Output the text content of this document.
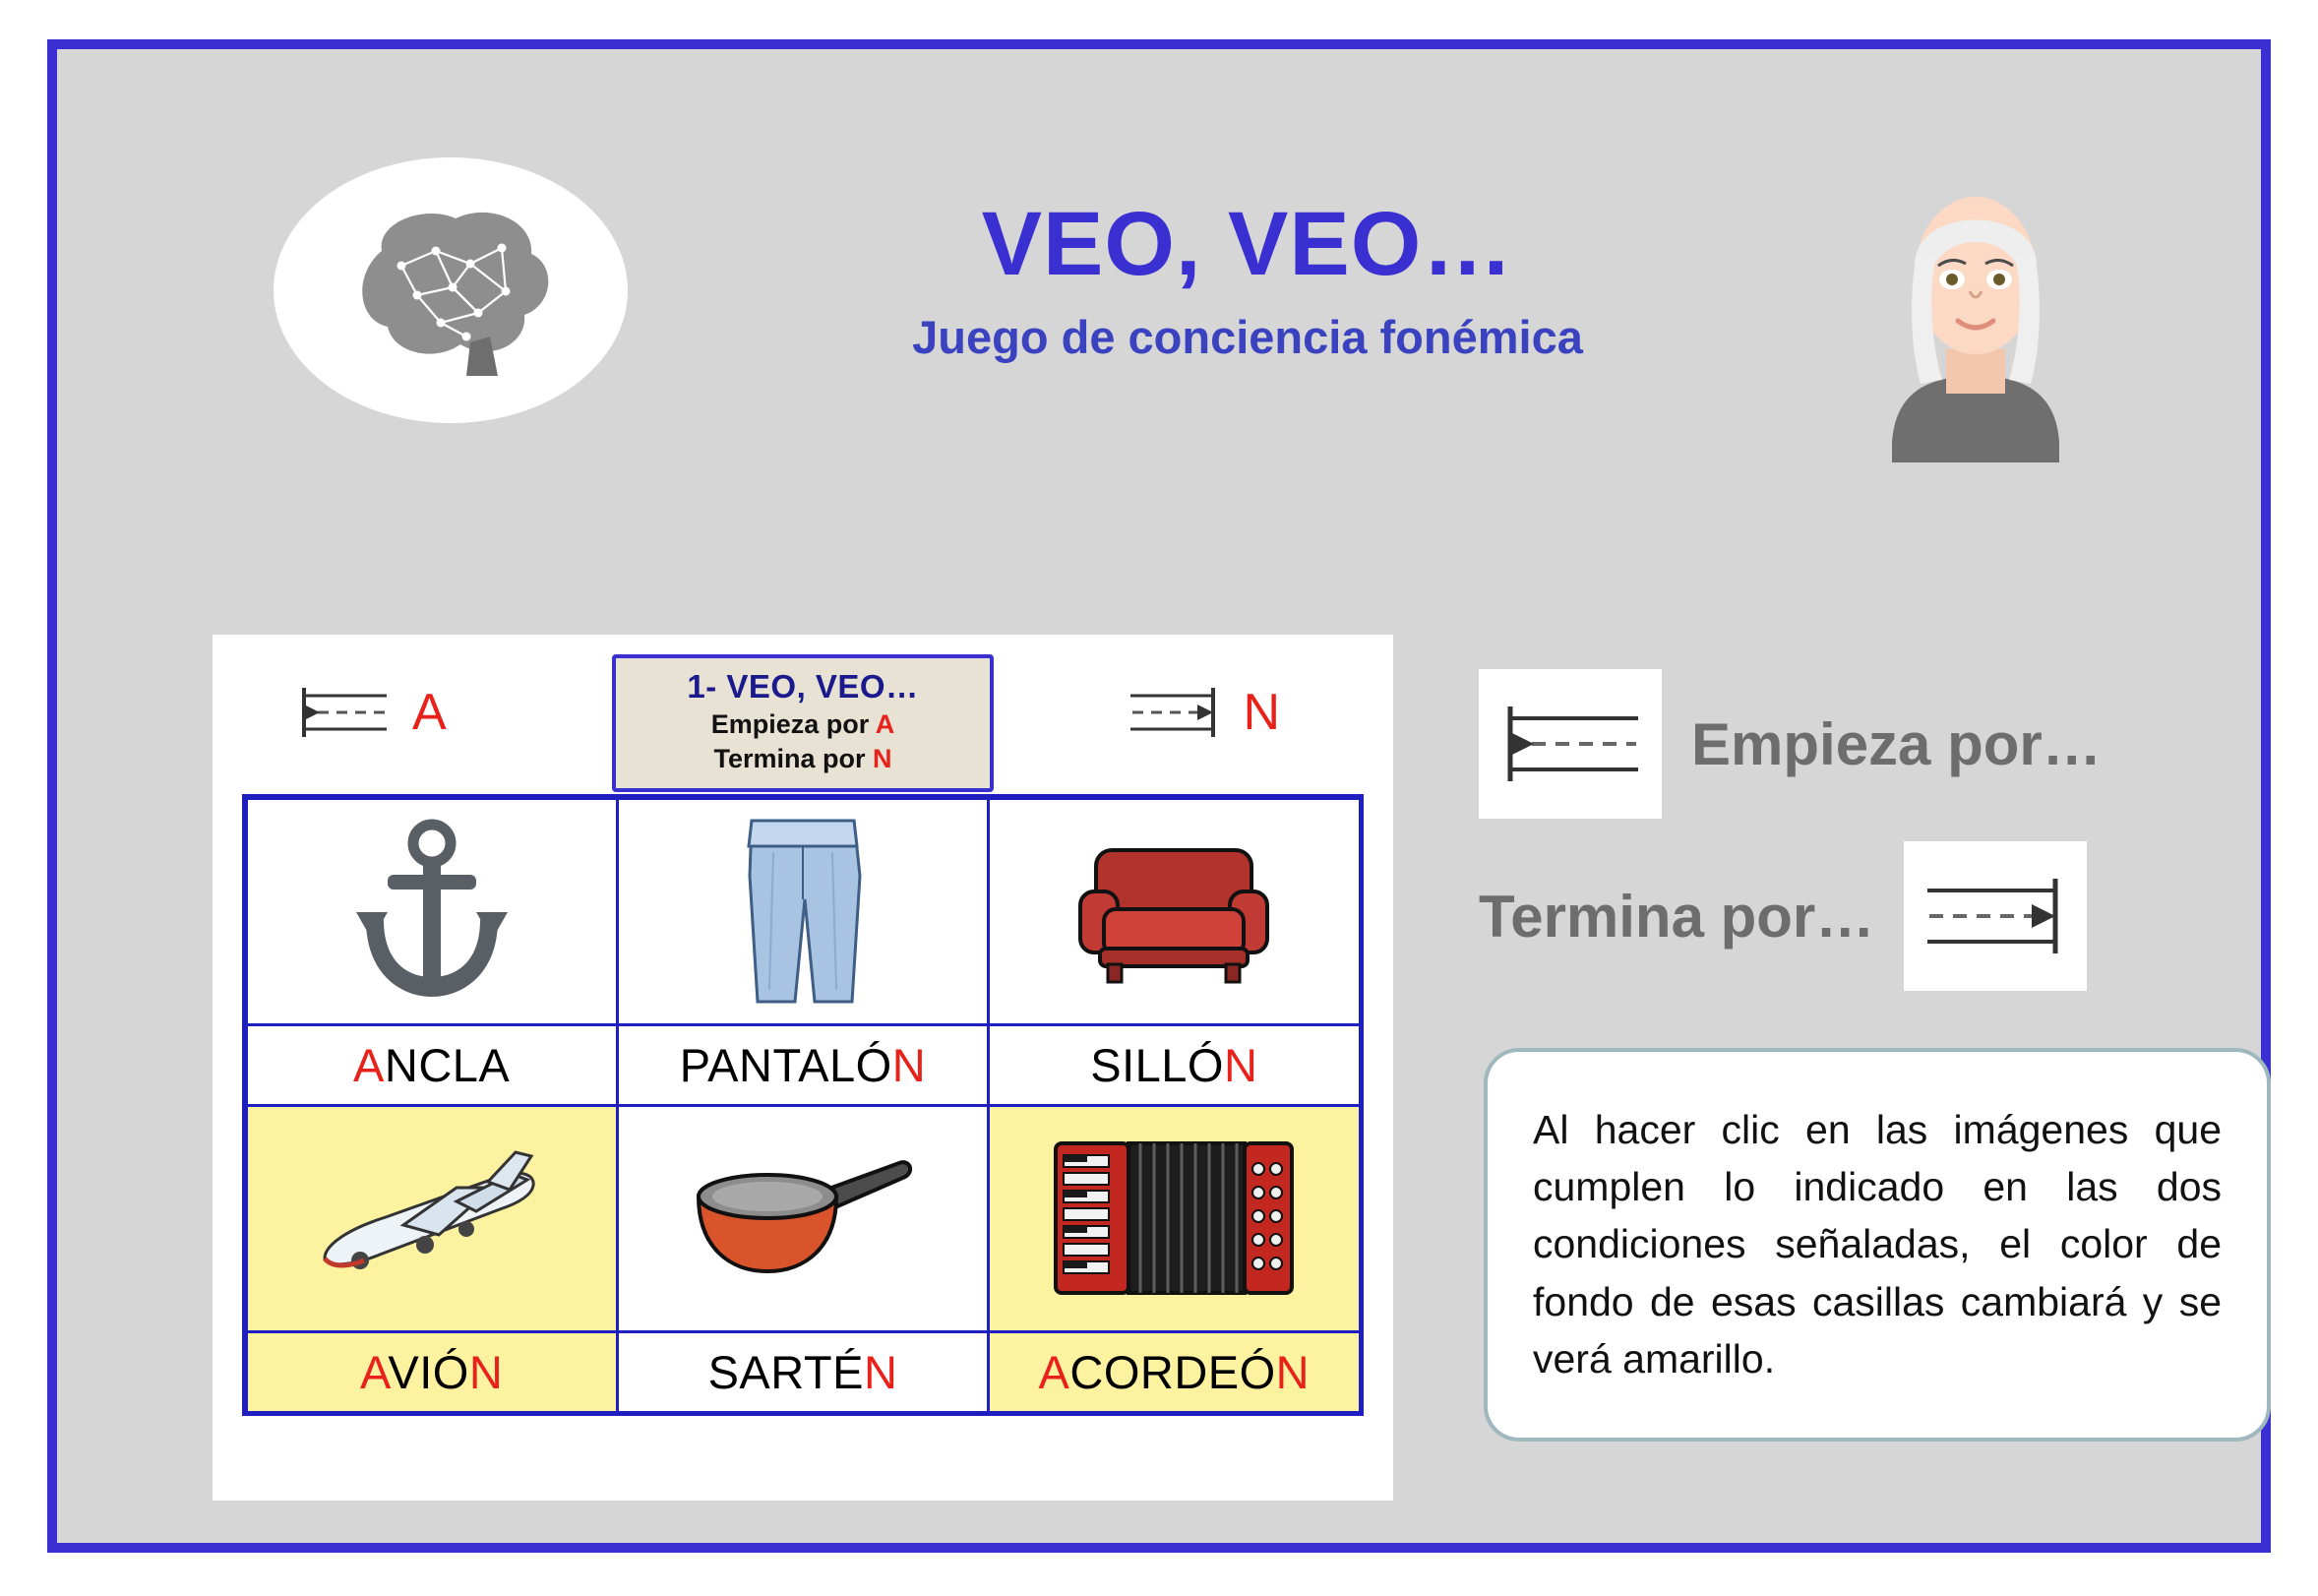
VEO, VEO…
Juego de conciencia fonémica
A	1- VEO, VEO…
Empieza por A
Termina por N
N
ANCLA	PANTALÓN	SILLÓN
AVIÓN	SARTÉN	ACORDEÓN
Empieza por…
Termina por…

Al hacer clic en las imágenes que cumplen lo indicado en las dos condiciones señaladas, el color de fondo de esas casillas cambiará y se verá amarillo.
